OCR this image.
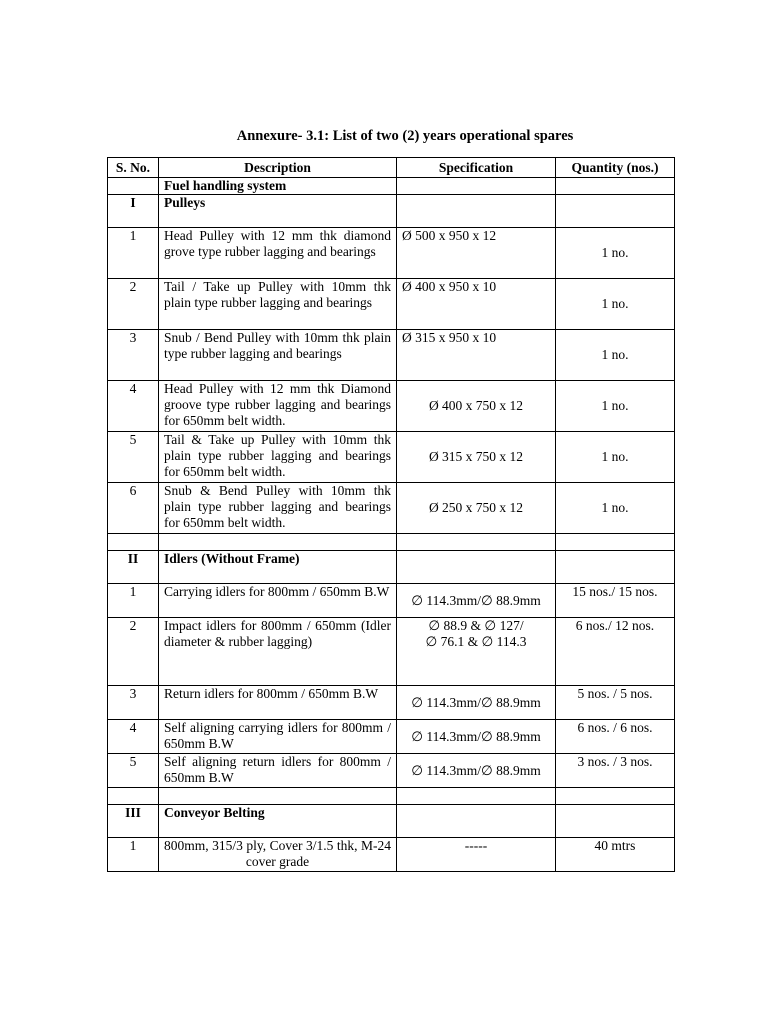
Annexure- 3.1: List of two (2) years operational spares
S. No.	Description	Specification	Quantity (nos.)
	Fuel handling system		
I	Pulleys		
1	Head Pulley with 12 mm thk diamond grove type rubber lagging and bearings	Ø 500 x 950 x 12	1 no.
2	Tail / Take up Pulley with 10mm thk plain type rubber lagging and bearings	Ø 400 x 950 x 10	1 no.
3	Snub / Bend Pulley with 10mm thk plain type rubber lagging and bearings	Ø 315 x 950 x 10	1 no.
4	Head Pulley with 12 mm thk Diamond groove type rubber lagging and bearings for 650mm belt width.	Ø 400 x 750 x 12	1 no.
5	Tail & Take up Pulley with 10mm thk plain type rubber lagging and bearings for 650mm belt width.	Ø 315 x 750 x 12	1 no.
6	Snub & Bend Pulley with 10mm thk plain type rubber lagging and bearings for 650mm belt width.	Ø 250 x 750 x 12	1 no.

II	Idlers (Without Frame)		
1	Carrying idlers for 800mm / 650mm B.W	∅ 114.3mm/∅ 88.9mm	15 nos./ 15 nos.
2	Impact idlers for 800mm / 650mm (Idler diameter & rubber lagging)	∅ 88.9 & ∅ 127/
∅ 76.1 & ∅ 114.3	6 nos./ 12 nos.
3	Return idlers for 800mm / 650mm B.W	∅ 114.3mm/∅ 88.9mm	5 nos. / 5 nos.
4	Self aligning carrying idlers for 800mm / 650mm B.W	∅ 114.3mm/∅ 88.9mm	6 nos. / 6 nos.
5	Self aligning return idlers for 800mm / 650mm B.W	∅ 114.3mm/∅ 88.9mm	3 nos. / 3 nos.

III	Conveyor Belting		
1	800mm, 315/3 ply, Cover 3/1.5 thk, M-24 cover grade	-----	40 mtrs
